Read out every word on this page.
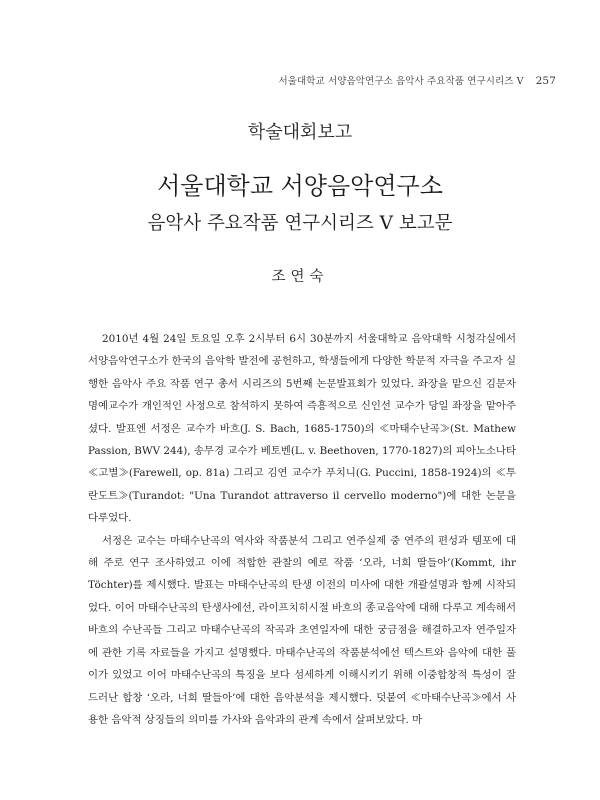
서울대학교 서양음악연구소 음악사 주요작품 연구시리즈 V 257
학술대회보고
서울대학교 서양음악연구소
음악사 주요작품 연구시리즈 V 보고문
조연숙

2010년 4월 24일 토요일 오후 2시부터 6시 30분까지 서울대학교 음악대학 시청각실에서 서양음악연구소가 한국의 음악학 발전에 공헌하고, 학생들에게 다양한 학문적 자극을 주고자 실행한 음악사 주요 작품 연구 총서 시리즈의 5번째 논문발표회가 있었다. 좌장을 맡으신 김문자 명예교수가 개인적인 사정으로 참석하지 못하여 즉흥적으로 신인선 교수가 당일 좌장을 맡아주셨다. 발표엔 서정은 교수가 바흐(J. S. Bach, 1685-1750)의 ≪마태수난곡≫(St. Mathew Passion, BWV 244), 송무경 교수가 베토벤(L. v. Beethoven, 1770-1827)의 피아노소나타 ≪고별≫(Farewell, op. 81a) 그리고 김연 교수가 푸치니(G. Puccini, 1858-1924)의 ≪투란도트≫(Turandot: "Una Turandot attraverso il cervello moderno")에 대한 논문을 다루었다.

서정은 교수는 마태수난곡의 역사와 작품분석 그리고 연주실제 중 연주의 편성과 템포에 대해 주로 연구 조사하였고 이에 적합한 관찰의 예로 작품 ‘오라, 너희 딸들아’(Kommt, ihr Töchter)를 제시했다. 발표는 마태수난곡의 탄생 이전의 미사에 대한 개괄설명과 함께 시작되었다. 이어 마태수난곡의 탄생사에선, 라이프치히시절 바흐의 종교음악에 대해 다루고 계속해서 바흐의 수난곡들 그리고 마태수난곡의 작곡과 초연일자에 대한 궁금점을 해결하고자 연주일자에 관한 기록 자료들을 가지고 설명했다. 마태수난곡의 작품분석에선 텍스트와 음악에 대한 풀이가 있었고 이어 마태수난곡의 특징을 보다 섬세하게 이해시키기 위해 이중합창적 특성이 잘 드러난 합창 ‘오라, 너희 딸들아’에 대한 음악분석을 제시했다. 덧붙여 ≪마태수난곡≫에서 사용한 음악적 상징들의 의미를 가사와 음악과의 관계 속에서 살펴보았다. 마
